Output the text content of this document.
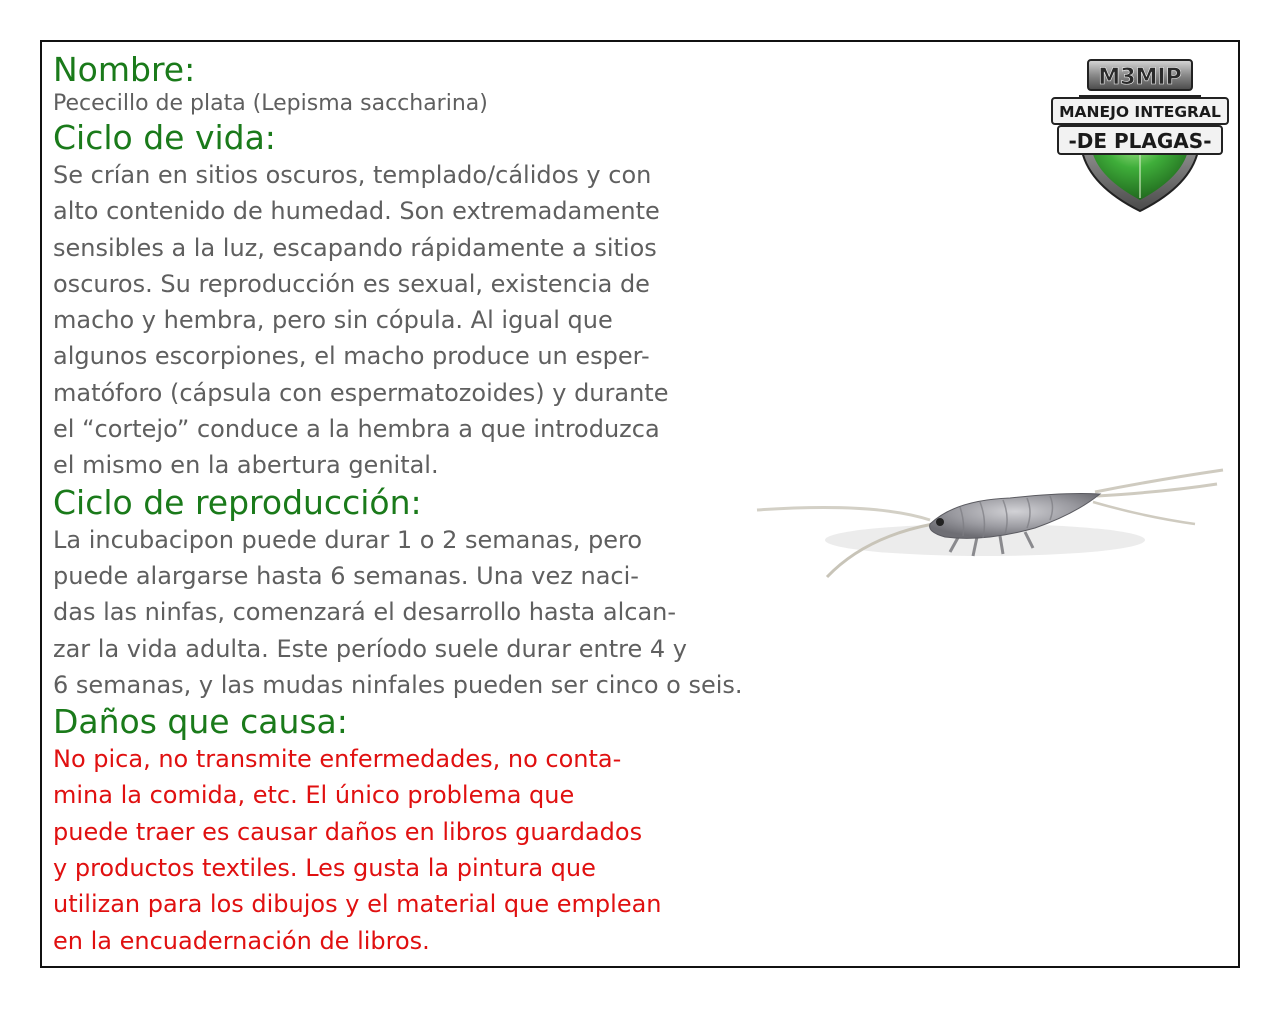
Nombre:
Pececillo de plata (Lepisma saccharina)
Ciclo de vida:
Se crían en sitios oscuros, templado/cálidos y con
alto contenido de humedad. Son extremadamente
sensibles a la luz, escapando rápidamente a sitios
oscuros. Su reproducción es sexual, existencia de
macho y hembra, pero sin cópula. Al igual que
algunos escorpiones, el macho produce un esper-
matóforo (cápsula con espermatozoides) y durante
el “cortejo” conduce a la hembra a que introduzca
el mismo en la abertura genital.
Ciclo de reproducción:
La incubacipon puede durar 1 o 2 semanas, pero
puede alargarse hasta 6 semanas. Una vez naci-
das las ninfas, comenzará el desarrollo hasta alcan-
zar la vida adulta. Este período suele durar entre 4 y
6 semanas, y las mudas ninfales pueden ser cinco o seis.
Daños que causa:
No pica, no transmite enfermedades, no conta-
mina la comida, etc. El único problema que
puede traer es causar daños en libros guardados
y productos textiles. Les gusta la pintura que
utilizan para los dibujos y el material que emplean
en la encuadernación de libros.
M3MIP
MANEJO INTEGRAL
-DE PLAGAS-
